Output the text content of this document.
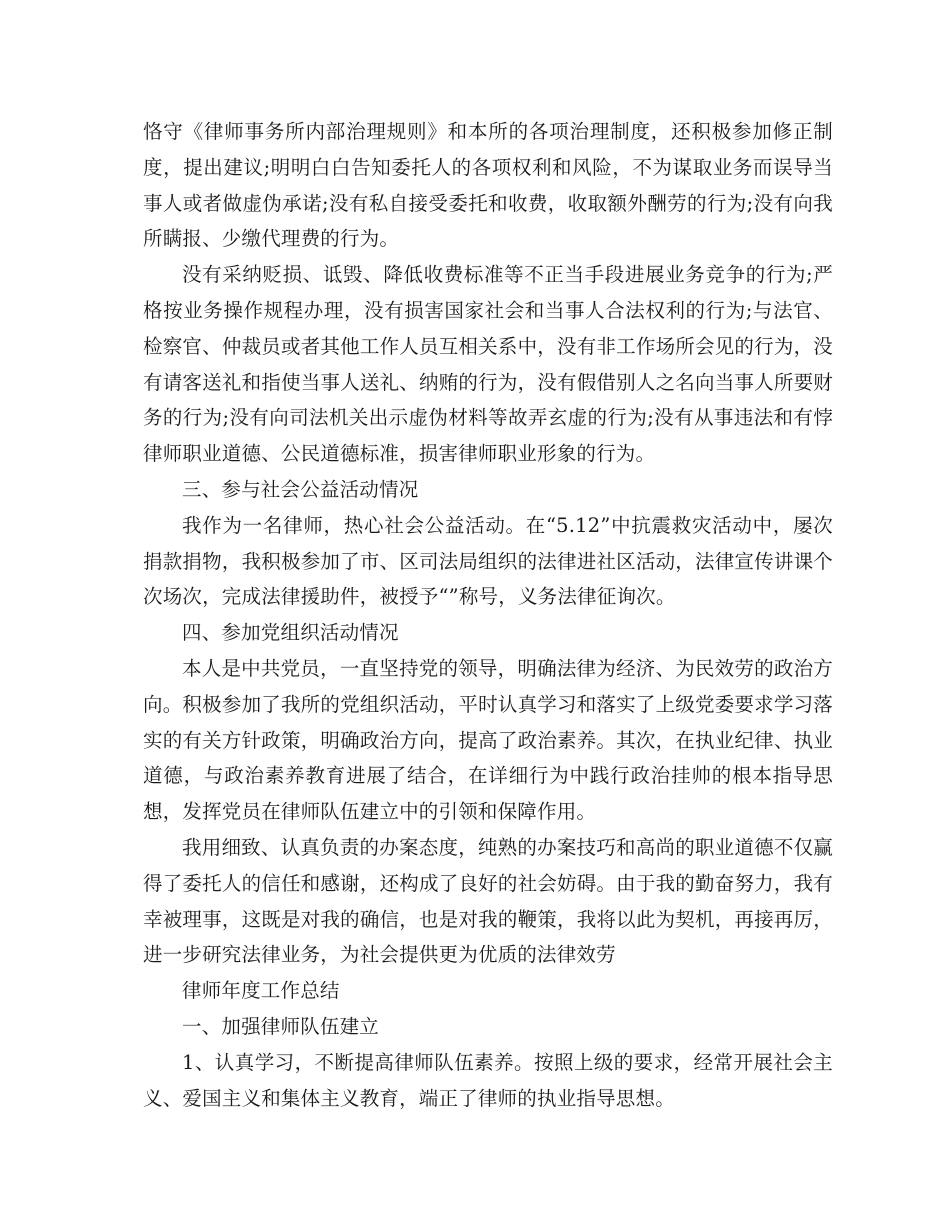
恪守《律师事务所内部治理规则》和本所的各项治理制度，还积极参加修正制度，提出建议;明明白白告知委托人的各项权利和风险，不为谋取业务而误导当事人或者做虚伪承诺;没有私自接受委托和收费，收取额外酬劳的行为;没有向我所瞒报、少缴代理费的行为。

没有采纳贬损、诋毁、降低收费标准等不正当手段进展业务竞争的行为;严格按业务操作规程办理，没有损害国家社会和当事人合法权利的行为;与法官、检察官、仲裁员或者其他工作人员互相关系中，没有非工作场所会见的行为，没有请客送礼和指使当事人送礼、纳贿的行为，没有假借别人之名向当事人所要财务的行为;没有向司法机关出示虚伪材料等故弄玄虚的行为;没有从事违法和有悖律师职业道德、公民道德标准，损害律师职业形象的行为。

三、参与社会公益活动情况

我作为一名律师，热心社会公益活动。在“5.12”中抗震救灾活动中，屡次捐款捐物，我积极参加了市、区司法局组织的法律进社区活动，法律宣传讲课个次场次，完成法律援助件，被授予“”称号，义务法律征询次。

四、参加党组织活动情况

本人是中共党员，一直坚持党的领导，明确法律为经济、为民效劳的政治方向。积极参加了我所的党组织活动，平时认真学习和落实了上级党委要求学习落实的有关方针政策，明确政治方向，提高了政治素养。其次，在执业纪律、执业道德，与政治素养教育进展了结合，在详细行为中践行政治挂帅的根本指导思想，发挥党员在律师队伍建立中的引领和保障作用。

我用细致、认真负责的办案态度，纯熟的办案技巧和高尚的职业道德不仅赢得了委托人的信任和感谢，还构成了良好的社会妨碍。由于我的勤奋努力，我有幸被理事，这既是对我的确信，也是对我的鞭策，我将以此为契机，再接再厉，进一步研究法律业务，为社会提供更为优质的法律效劳

律师年度工作总结

一、加强律师队伍建立

1、认真学习，不断提高律师队伍素养。按照上级的要求，经常开展社会主义、爱国主义和集体主义教育，端正了律师的执业指导思想。
